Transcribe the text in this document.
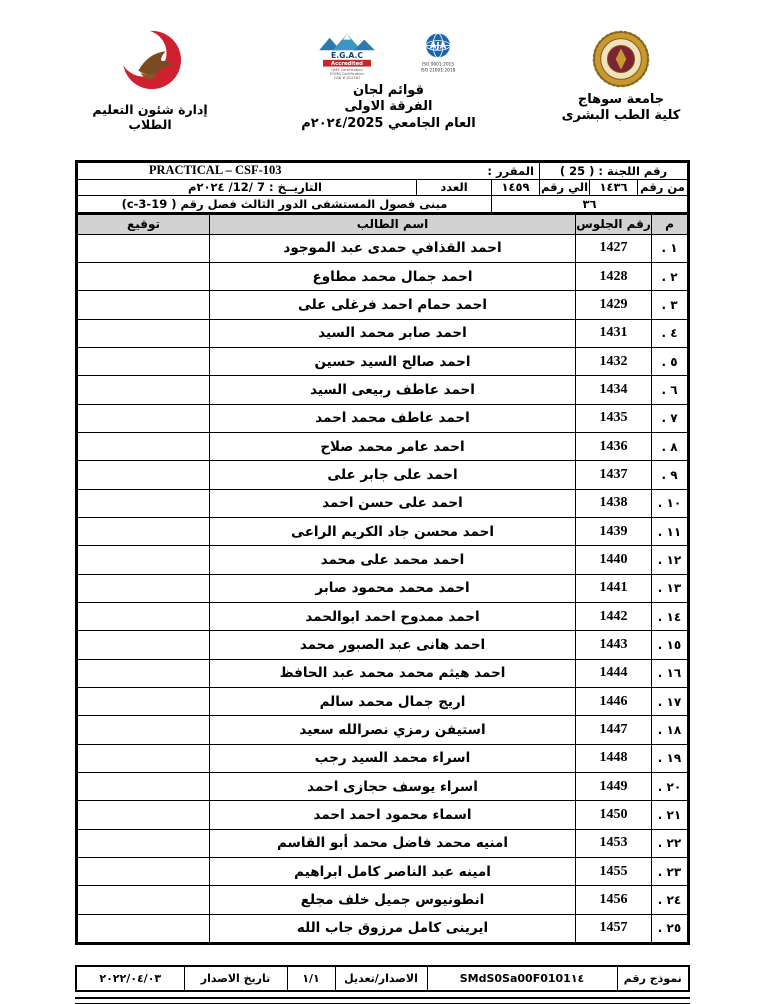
جامعة سوهاج
كلية الطب البشرى
E.G.A.C
Accredited
QMS Certification
EOMS Certification
CAB # 012267
AJA
ISO 9001:2015
ISO 21001:2018
قوائم لجان
الفرقة الاولى
العام الجامعي ٢٠٢٤/2025م
إدارة شئون التعليم الطلاب
رقم اللجنة : ( 25 )			المقرر :
PRACTICAL – CSF-103		

من رقم	١٤٣٦	الي رقم	١٤٥٩	العدد	التاريــخ : 7 /12/ ٢٠٢٤م
٣٦				مبنى فصول المستشفى الدور الثالث فصل رقم ( c-3-19)	
م	رقم الجلوس	اسم الطالب	توقيع
١ .	1427	احمد القذافي حمدى عبد الموجود	
٢ .	1428	احمد جمال محمد مطاوع	
٣ .	1429	احمد حمام احمد فرغلى على	
٤ .	1431	احمد صابر محمد السيد	
٥ .	1432	احمد صالح السيد حسين	
٦ .	1434	احمد عاطف ربيعى السيد	
٧ .	1435	احمد عاطف محمد احمد	
٨ .	1436	احمد عامر محمد صلاح	
٩ .	1437	احمد على جابر على	
١٠ .	1438	احمد على حسن احمد	
١١ .	1439	احمد محسن جاد الكريم الراعى	
١٢ .	1440	احمد محمد على محمد	
١٣ .	1441	احمد محمد محمود صابر	
١٤ .	1442	احمد ممدوح احمد ابوالحمد	
١٥ .	1443	احمد هانى عبد الصبور محمد	
١٦ .	1444	احمد هيثم محمد محمد عبد الحافظ	
١٧ .	1446	اريج جمال محمد سالم	
١٨ .	1447	استيفن رمزي نصرالله سعيد	
١٩ .	1448	اسراء محمد السيد رجب	
٢٠ .	1449	اسراء يوسف حجازى احمد	
٢١ .	1450	اسماء محمود احمد احمد	
٢٢ .	1453	امنيه محمد فاضل محمد أبو القاسم	
٢٣ .	1455	امينه عبد الناصر كامل ابراهيم	
٢٤ .	1456	انطونيوس جميل خلف مجلع	
٢٥ .	1457	ايرينى كامل مرزوق جاب الله	
نموذج رقم	SMdS0Sa00F0101١٤	الاصدار/تعديل	١/١	تاريخ الاصدار	٢٠٢٢/٠٤/٠٣
